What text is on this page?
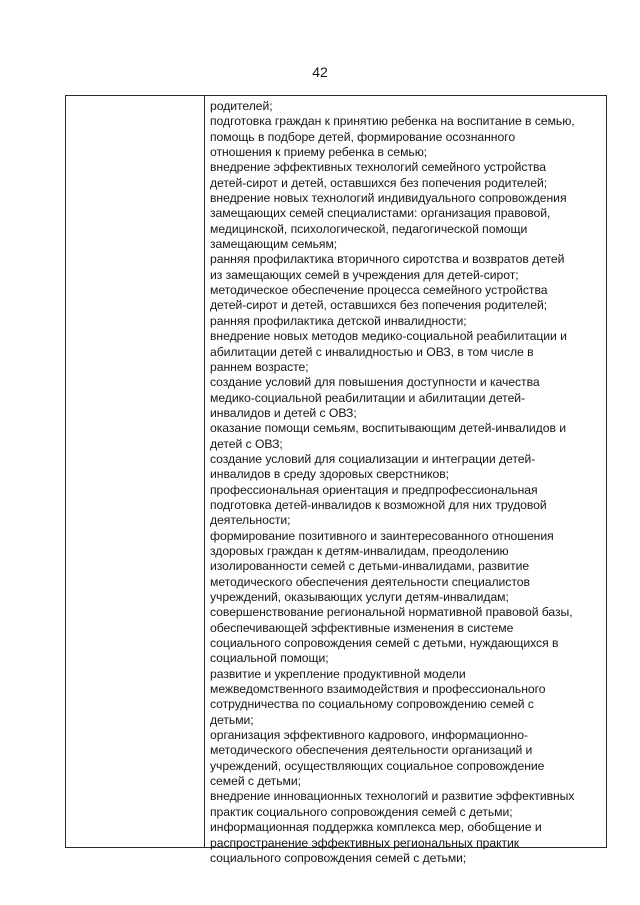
42
родителей;
подготовка граждан к принятию ребенка на воспитание в семью,
помощь в подборе детей, формирование осознанного
отношения к приему ребенка в семью;
внедрение эффективных технологий семейного устройства
детей-сирот и детей, оставшихся без попечения родителей;
внедрение новых технологий индивидуального сопровождения
замещающих семей специалистами: организация правовой,
медицинской, психологической, педагогической помощи
замещающим семьям;
ранняя профилактика вторичного сиротства и возвратов детей
из замещающих семей в учреждения для детей-сирот;
методическое обеспечение процесса семейного устройства
детей-сирот и детей, оставшихся без попечения родителей;
ранняя профилактика детской инвалидности;
внедрение новых методов медико-социальной реабилитации и
абилитации детей с инвалидностью и ОВЗ, в том числе в
раннем возрасте;
создание условий для повышения доступности и качества
медико-социальной реабилитации и абилитации детей-
инвалидов и детей с ОВЗ;
оказание помощи семьям, воспитывающим детей-инвалидов и
детей с ОВЗ;
создание условий для социализации и интеграции детей-
инвалидов в среду здоровых сверстников;
профессиональная ориентация и предпрофессиональная
подготовка детей-инвалидов к возможной для них трудовой
деятельности;
формирование позитивного и заинтересованного отношения
здоровых граждан к детям-инвалидам, преодолению
изолированности семей с детьми-инвалидами, развитие
методического обеспечения деятельности специалистов
учреждений, оказывающих услуги детям-инвалидам;
совершенствование региональной нормативной правовой базы,
обеспечивающей эффективные изменения в системе
социального сопровождения семей с детьми, нуждающихся в
социальной помощи;
развитие и укрепление продуктивной модели
межведомственного взаимодействия и профессионального
сотрудничества по социальному сопровождению семей с
детьми;
организация эффективного кадрового, информационно-
методического обеспечения деятельности организаций и
учреждений, осуществляющих социальное сопровождение
семей с детьми;
внедрение инновационных технологий и развитие эффективных
практик социального сопровождения семей с детьми;
информационная поддержка комплекса мер, обобщение и
распространение эффективных региональных практик
социального сопровождения семей с детьми;
